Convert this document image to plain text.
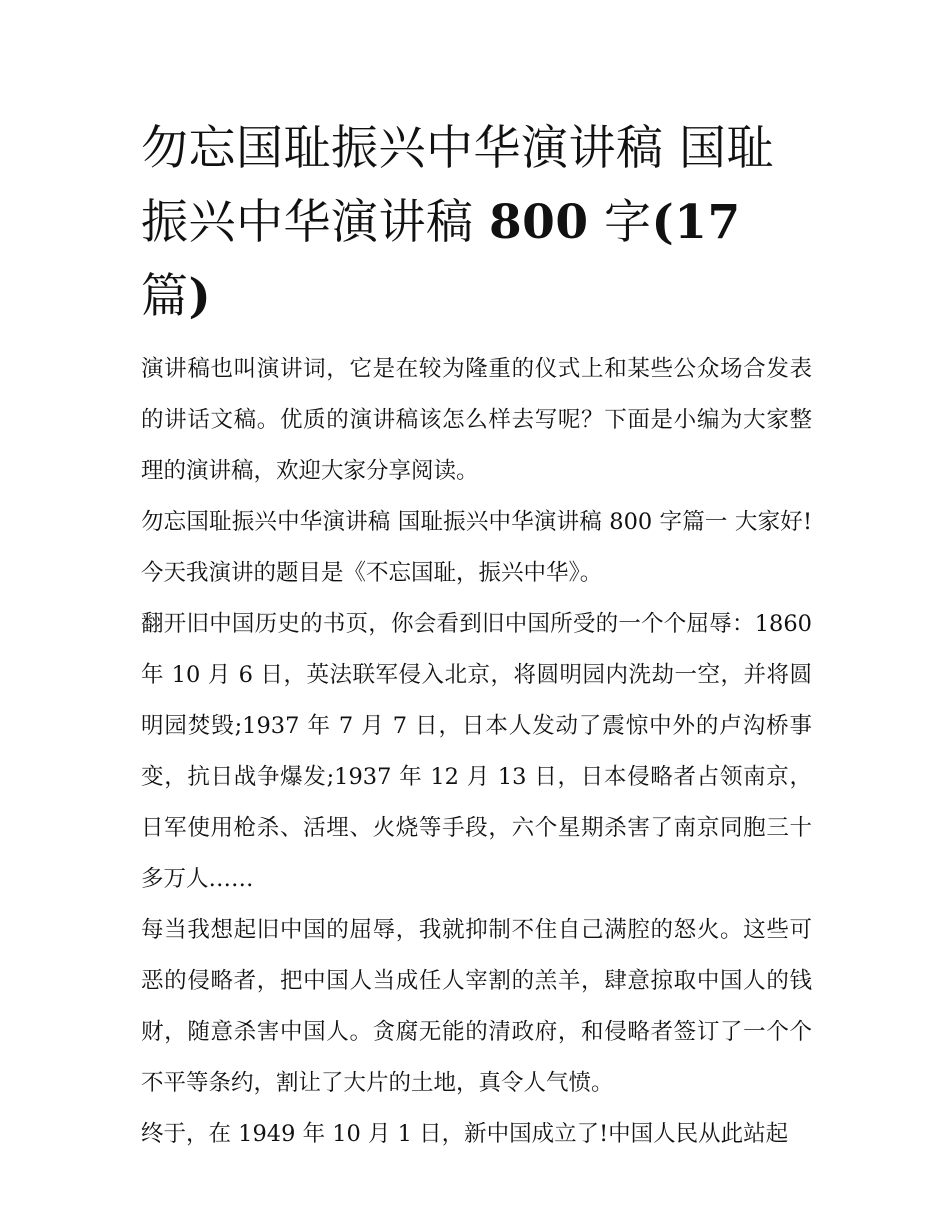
勿忘国耻振兴中华演讲稿 国耻
振兴中华演讲稿 800 字(17 篇)

演讲稿也叫演讲词，它是在较为隆重的仪式上和某些公众场合发表的讲话文稿。优质的演讲稿该怎么样去写呢？下面是小编为大家整理的演讲稿，欢迎大家分享阅读。

勿忘国耻振兴中华演讲稿 国耻振兴中华演讲稿 800 字篇一 大家好!今天我演讲的题目是《不忘国耻，振兴中华》。

翻开旧中国历史的书页，你会看到旧中国所受的一个个屈辱：1860 年 10 月 6 日，英法联军侵入北京，将圆明园内洗劫一空，并将圆明园焚毁;1937 年 7 月 7 日，日本人发动了震惊中外的卢沟桥事变，抗日战争爆发;1937 年 12 月 13 日，日本侵略者占领南京，日军使用枪杀、活埋、火烧等手段，六个星期杀害了南京同胞三十多万人……

每当我想起旧中国的屈辱，我就抑制不住自己满腔的怒火。这些可恶的侵略者，把中国人当成任人宰割的羔羊，肆意掠取中国人的钱财，随意杀害中国人。贪腐无能的清政府，和侵略者签订了一个个不平等条约，割让了大片的土地，真令人气愤。

终于，在 1949 年 10 月 1 日，新中国成立了!中国人民从此站起
